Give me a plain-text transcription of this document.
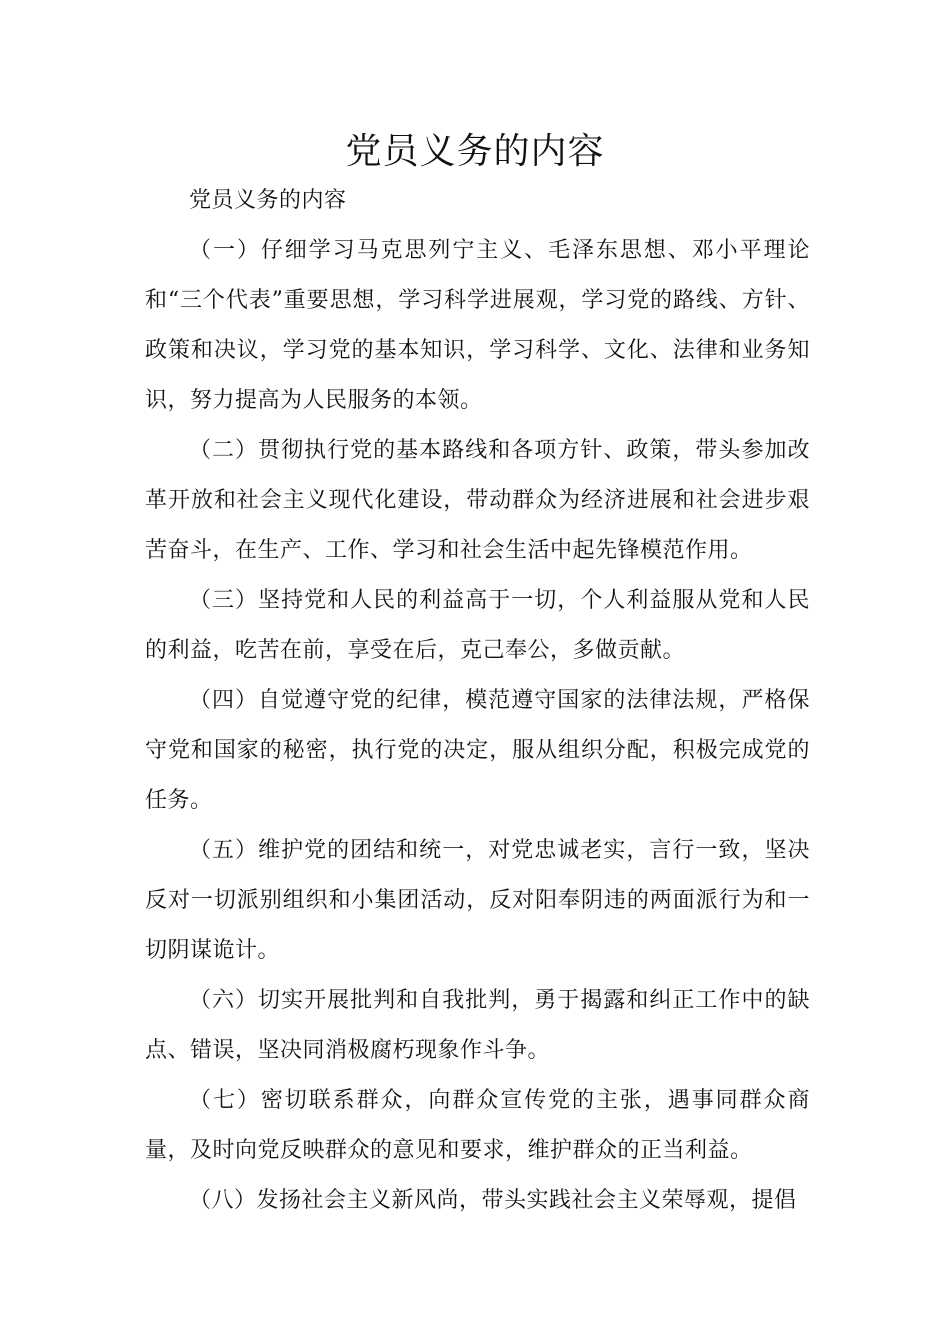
党员义务的内容

党员义务的内容

（一）仔细学习马克思列宁主义、毛泽东思想、邓小平理论和“三个代表”重要思想，学习科学进展观，学习党的路线、方针、政策和决议，学习党的基本知识，学习科学、文化、法律和业务知识，努力提高为人民服务的本领。

（二）贯彻执行党的基本路线和各项方针、政策，带头参加改革开放和社会主义现代化建设，带动群众为经济进展和社会进步艰苦奋斗，在生产、工作、学习和社会生活中起先锋模范作用。

（三）坚持党和人民的利益高于一切，个人利益服从党和人民的利益，吃苦在前，享受在后，克己奉公，多做贡献。

（四）自觉遵守党的纪律，模范遵守国家的法律法规，严格保守党和国家的秘密，执行党的决定，服从组织分配，积极完成党的任务。

（五）维护党的团结和统一，对党忠诚老实，言行一致，坚决反对一切派别组织和小集团活动，反对阳奉阴违的两面派行为和一切阴谋诡计。

（六）切实开展批判和自我批判，勇于揭露和纠正工作中的缺点、错误，坚决同消极腐朽现象作斗争。

（七）密切联系群众，向群众宣传党的主张，遇事同群众商量，及时向党反映群众的意见和要求，维护群众的正当利益。

（八）发扬社会主义新风尚，带头实践社会主义荣辱观，提倡
